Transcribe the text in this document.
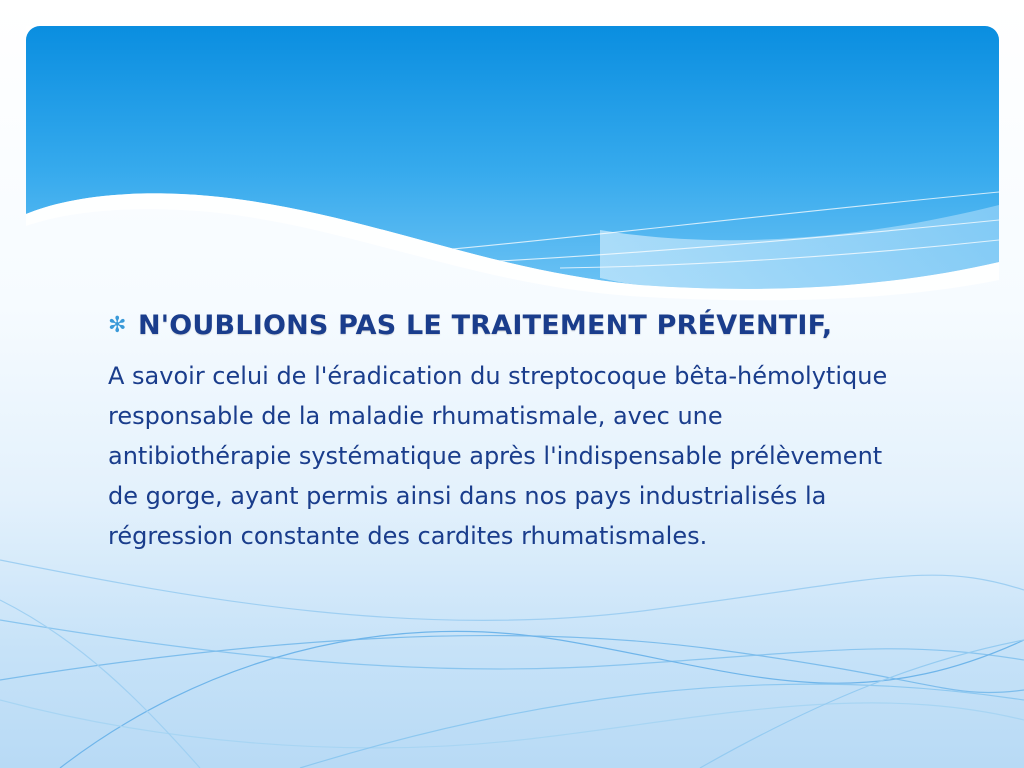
✻ N'OUBLIONS PAS LE TRAITEMENT PRÉVENTIF,
A savoir celui de l'éradication du streptocoque bêta-hémolytique responsable de la maladie rhumatismale, avec une antibiothérapie systématique après l'indispensable prélèvement de gorge, ayant permis ainsi dans nos pays industrialisés la régression constante des cardites rhumatismales.
